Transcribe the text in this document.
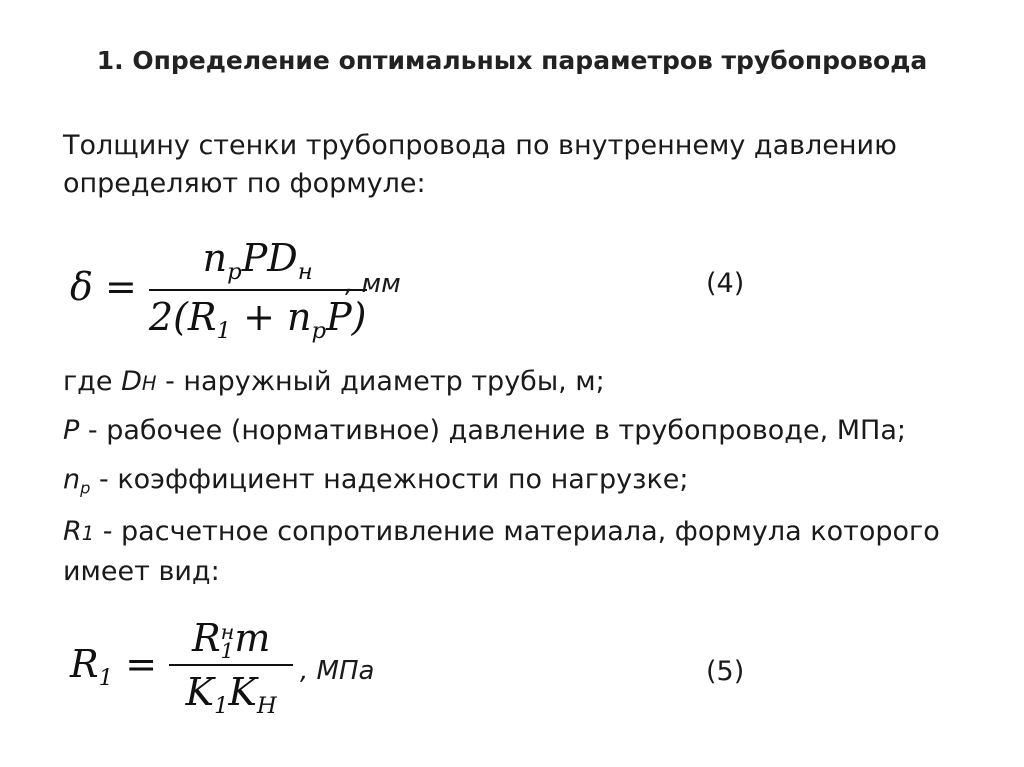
1. Определение оптимальных параметров трубопровода
Толщину стенки трубопровода по внутреннему давлению определяют по формуле:
$\delta = \frac{n_pPD_н}{2(R_1 + n_pP)}$
, мм	(4)
где DН - наружный диаметр трубы, м;
P - рабочее (нормативное) давление в трубопроводе, МПа;
$n_p$ - коэффициент надежности по нагрузке;
R1 - расчетное сопротивление материала, формула которого имеет вид:
$R_1 = R$ н
1 m
$K_1K_Н$ , МПа	(5)
